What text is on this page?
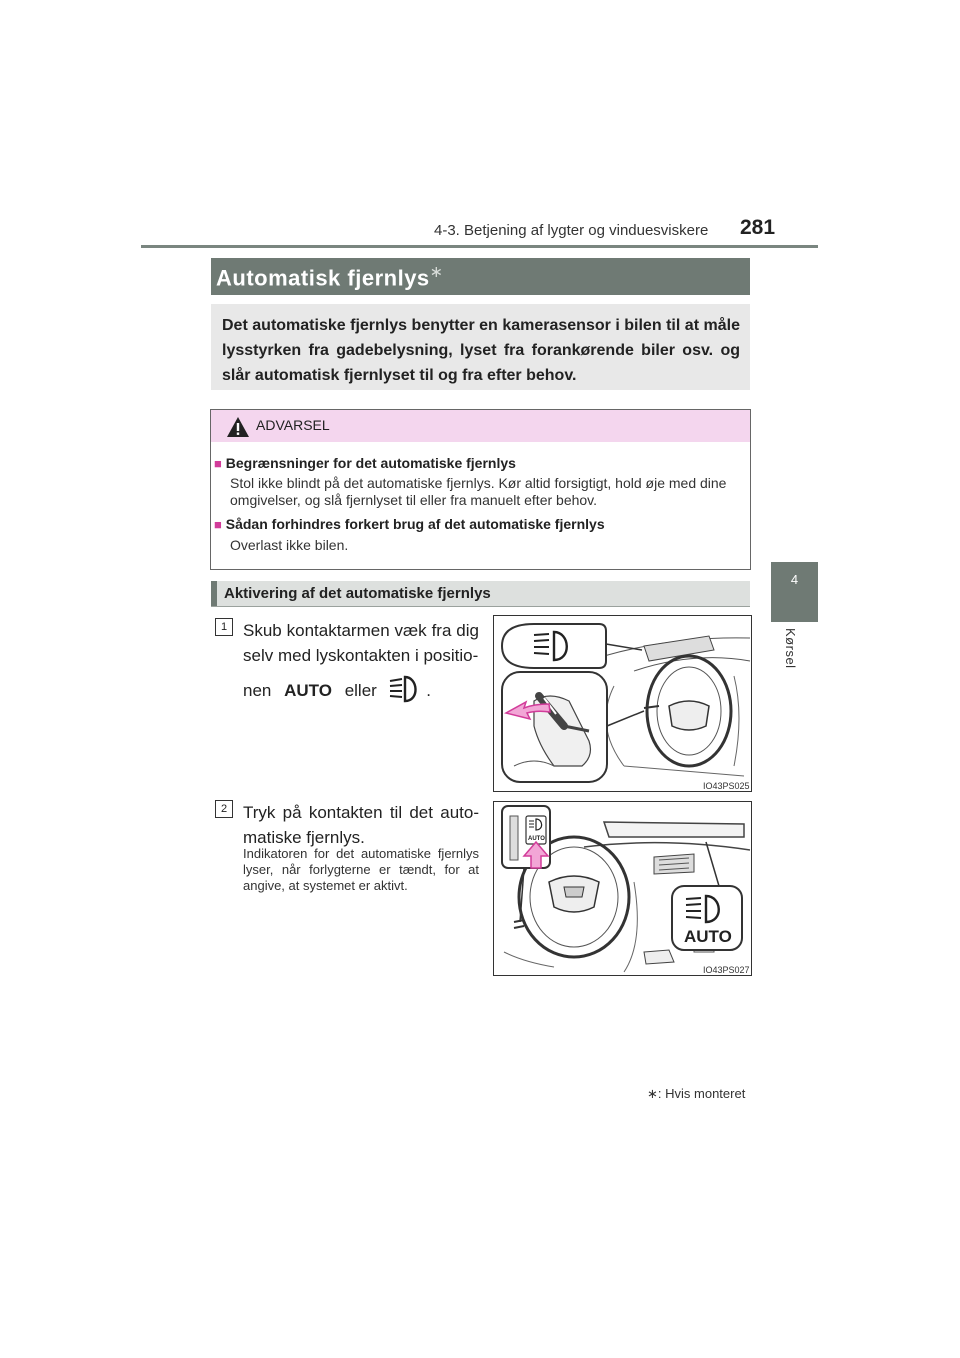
4-3. Betjening af lygter og vinduesviskere 281
4
Kørsel
Automatisk fjernlys∗
Det automatiske fjernlys benytter en kamerasensor i bilen til at måle lysstyrken fra gadebelysning, lyset fra forankørende biler osv. og slår automatisk fjernlyset til og fra efter behov.
ADVARSEL
■ Begrænsninger for det automatiske fjernlys
Stol ikke blindt på det automatiske fjernlys. Kør altid forsigtigt, hold øje med dine omgivelser, og slå fjernlyset til eller fra manuelt efter behov.
■ Sådan forhindres forkert brug af det automatiske fjernlys
Overlast ikke bilen.
Aktivering af det automatiske fjernlys
1 Skub kontaktarmen væk fra dig selv med lyskontakten i positio-
nen AUTO eller	.
IO43PS025
2 Tryk på kontakten til det auto-matiske fjernlys.
Indikatoren for det automatiske fjernlys lyser, når forlygterne er tændt, for at angive, at systemet er aktivt.
AUTO
AUTO
IO43PS027
∗: Hvis monteret
